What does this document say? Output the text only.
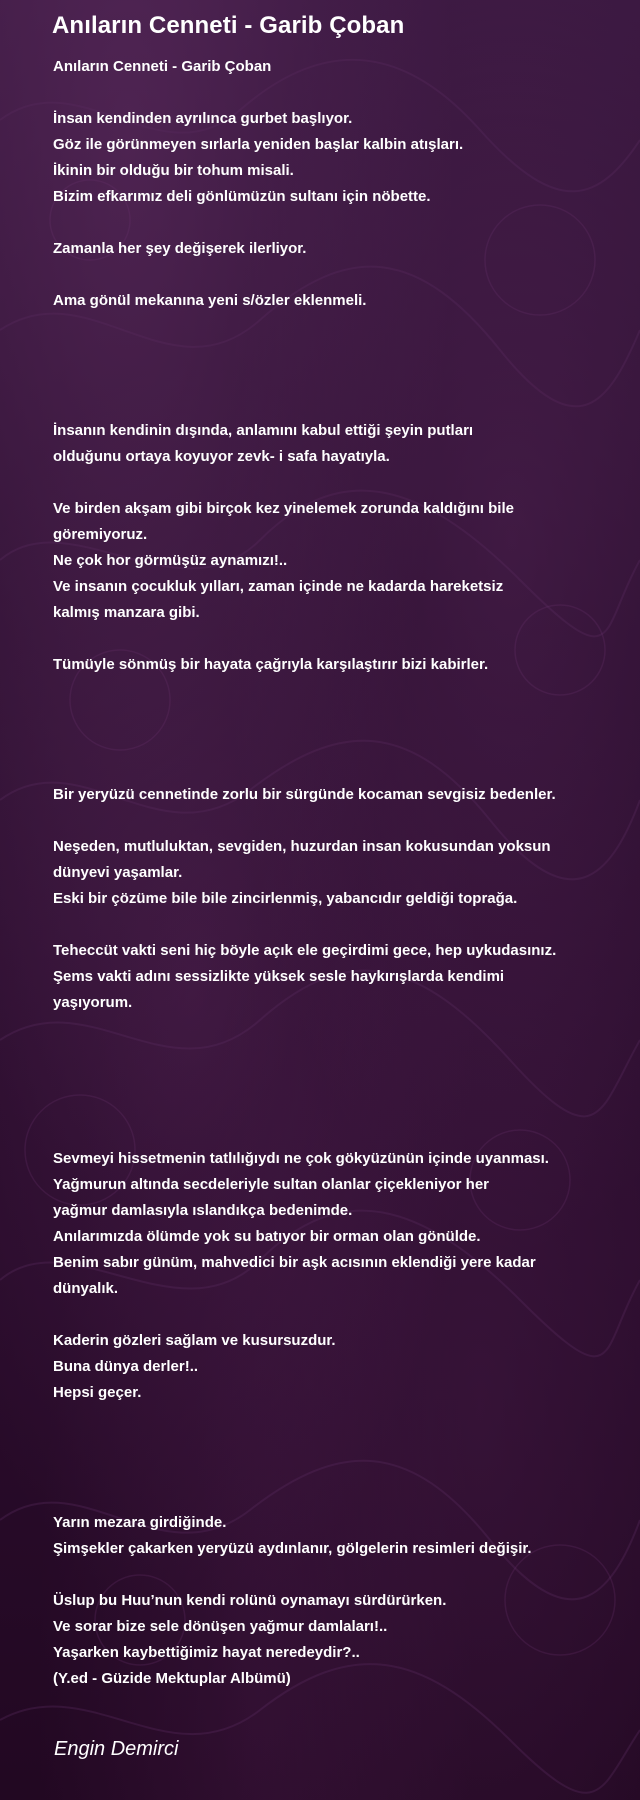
Anıların Cenneti - Garib Çoban
Anıların Cenneti - Garib Çoban

İnsan kendinden ayrılınca gurbet başlıyor.
Göz ile görünmeyen sırlarla yeniden başlar kalbin atışları.
İkinin bir olduğu bir tohum misali.
Bizim efkarımız deli gönlümüzün sultanı için nöbette.

Zamanla her şey değişerek ilerliyor.

Ama gönül mekanına yeni s/özler eklenmeli.

İnsanın kendinin dışında, anlamını kabul ettiği şeyin putları
olduğunu ortaya koyuyor zevk- i safa hayatıyla.

Ve birden akşam gibi birçok kez yinelemek zorunda kaldığını bile
göremiyoruz.
Ne çok hor görmüşüz aynamızı!..
Ve insanın çocukluk yılları, zaman içinde ne kadarda hareketsiz
kalmış manzara gibi.

Tümüyle sönmüş bir hayata çağrıyla karşılaştırır bizi kabirler.

Bir yeryüzü cennetinde zorlu bir sürgünde kocaman sevgisiz bedenler.

Neşeden, mutluluktan, sevgiden, huzurdan insan kokusundan yoksun
dünyevi yaşamlar.
Eski bir çözüme bile bile zincirlenmiş, yabancıdır geldiği toprağa.

Teheccüt vakti seni hiç böyle açık ele geçirdimi gece, hep uykudasınız.
Şems vakti adını sessizlikte yüksek sesle haykırışlarda kendimi
yaşıyorum.

Sevmeyi hissetmenin tatlılığıydı ne çok gökyüzünün içinde uyanması.
Yağmurun altında secdeleriyle sultan olanlar çiçekleniyor her
yağmur damlasıyla ıslandıkça bedenimde.
Anılarımızda ölümde yok su batıyor bir orman olan gönülde.
Benim sabır günüm, mahvedici bir aşk acısının eklendiği yere kadar
dünyalık.

Kaderin gözleri sağlam ve kusursuzdur.
Buna dünya derler!..
Hepsi geçer.

Yarın mezara girdiğinde.
Şimşekler çakarken yeryüzü aydınlanır, gölgelerin resimleri değişir.

Üslup bu Huu’nun kendi rolünü oynamayı sürdürürken.
Ve sorar bize sele dönüşen yağmur damlaları!..
Yaşarken kaybettiğimiz hayat neredeydir?..
(Y.ed - Güzide Mektuplar Albümü)
Engin Demirci
